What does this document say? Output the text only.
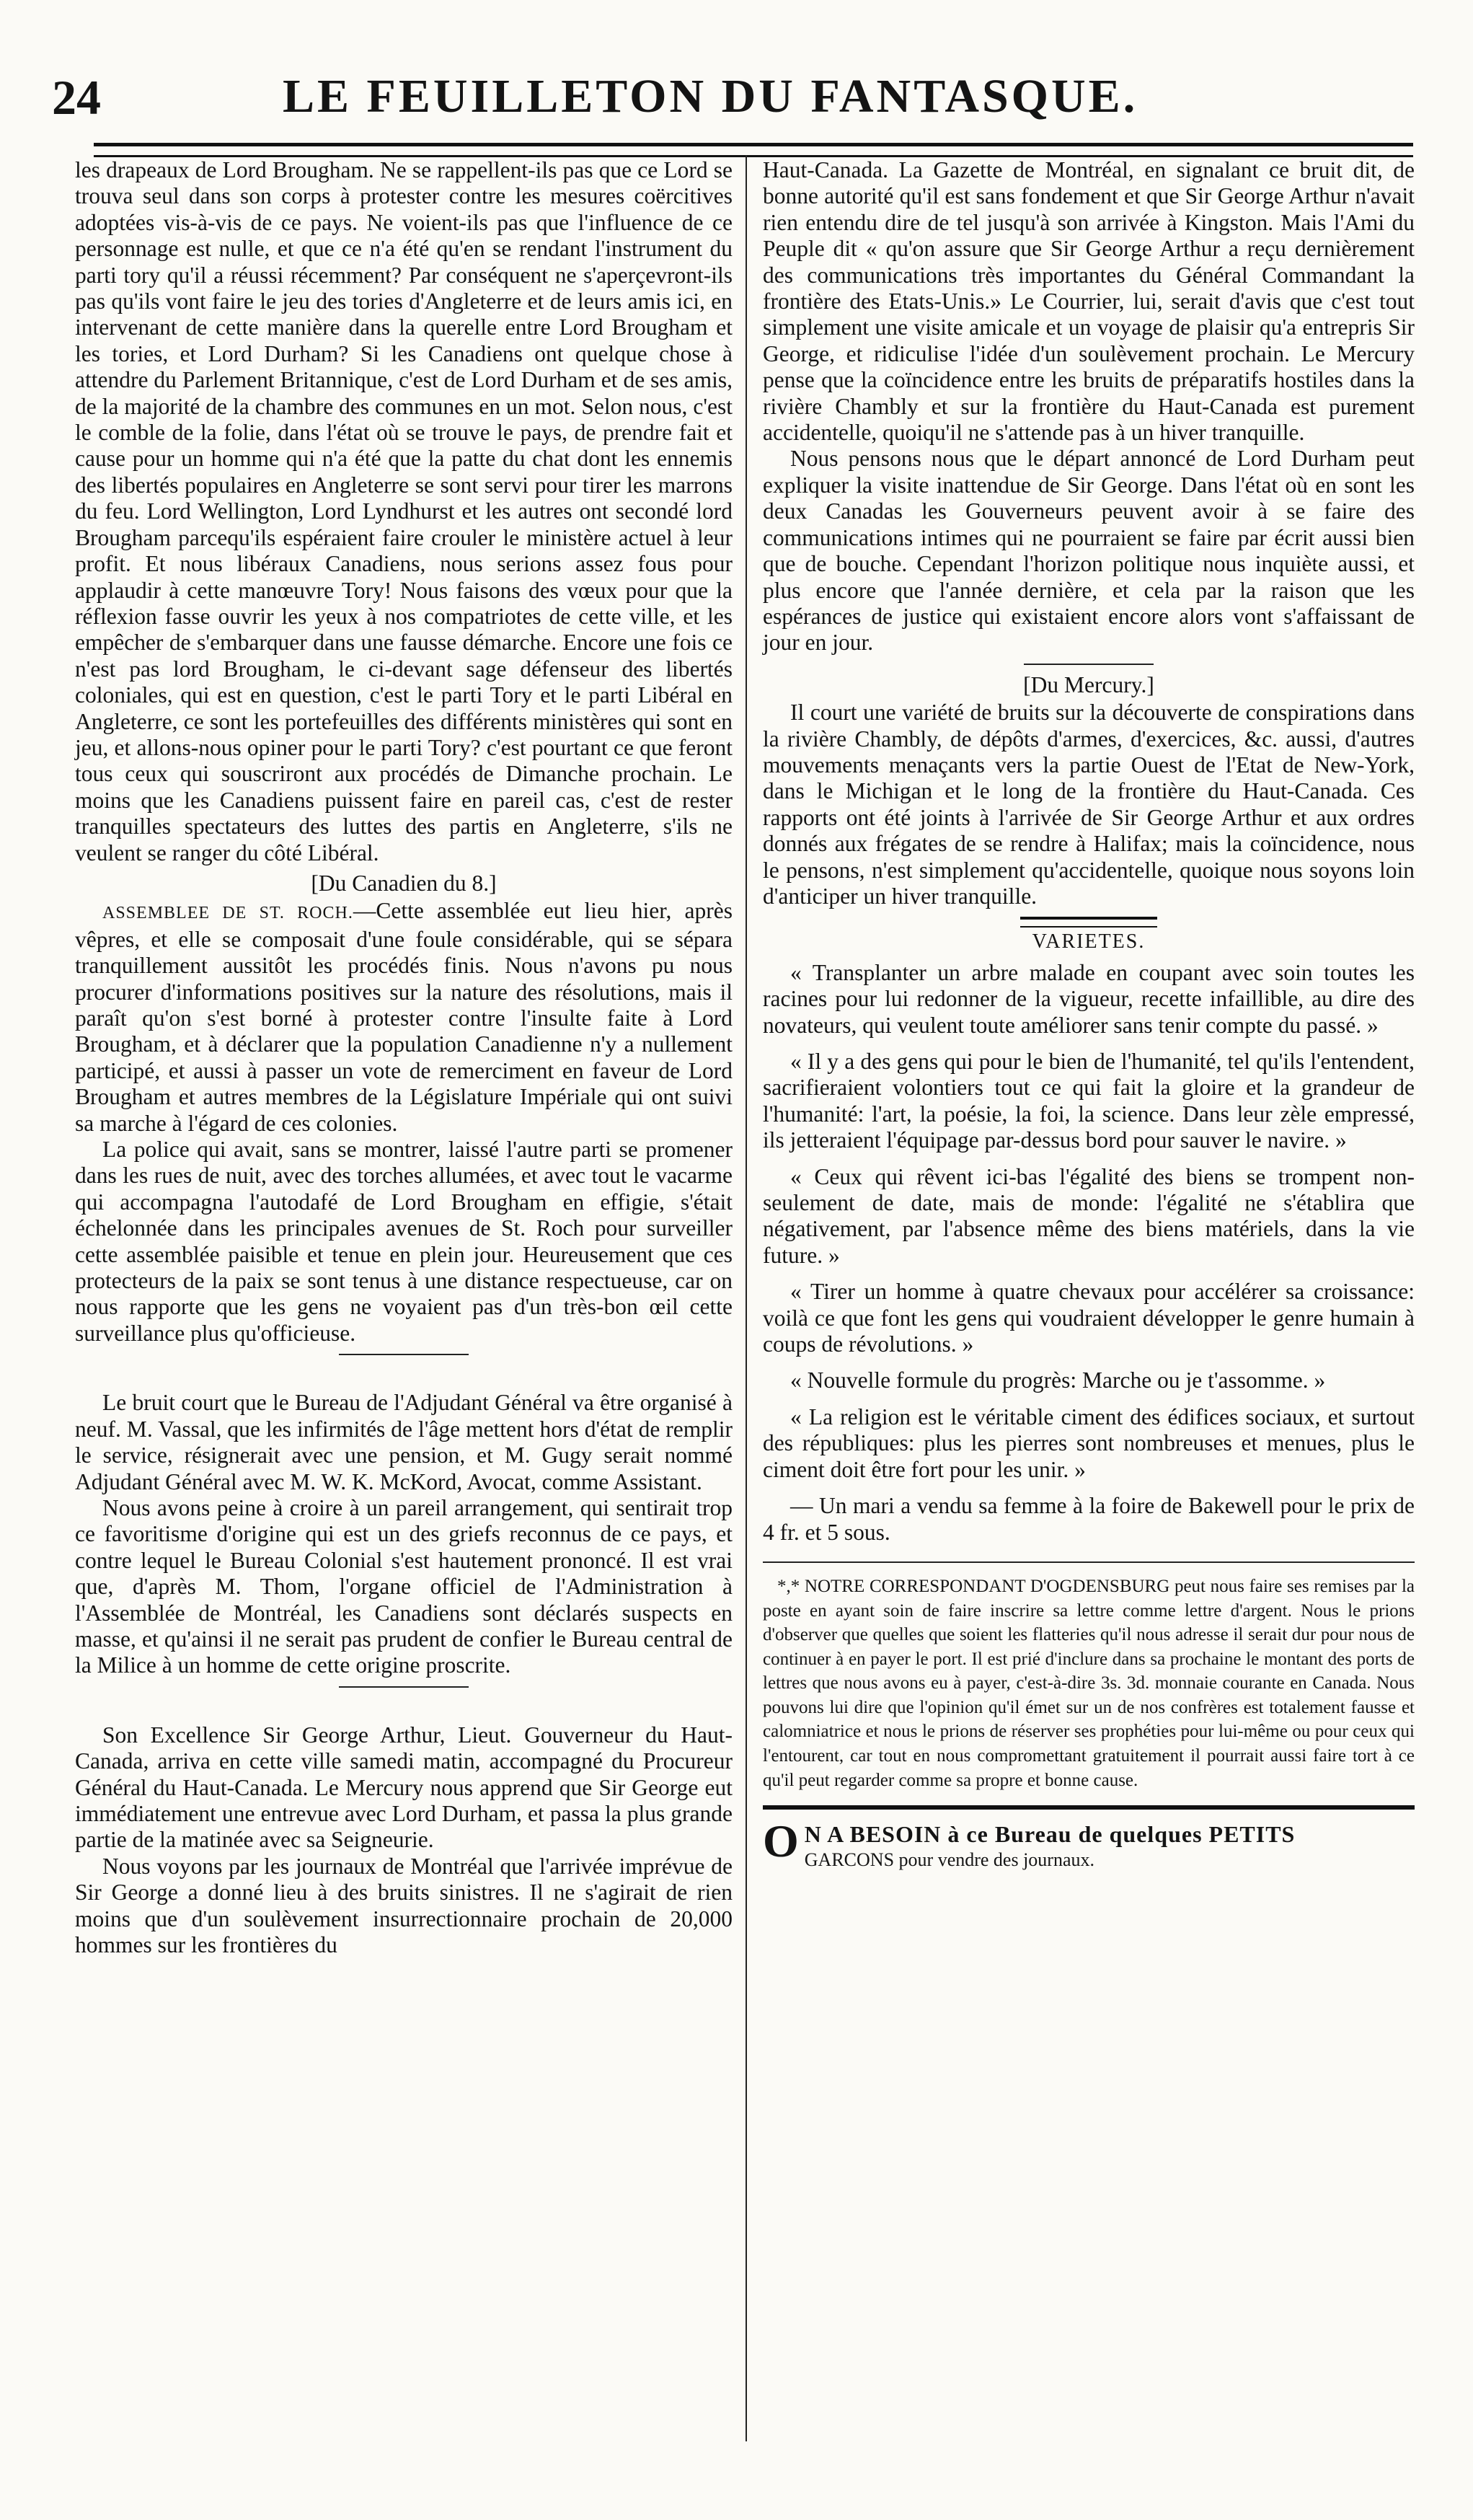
24	LE FEUILLETON DU FANTASQUE.

les drapeaux de Lord Brougham. Ne se rappellent-ils pas que ce Lord se trouva seul dans son corps à protester contre les mesures coërcitives adoptées vis-à-vis de ce pays. Ne voient-ils pas que l'influence de ce personnage est nulle, et que ce n'a été qu'en se rendant l'instrument du parti tory qu'il a réussi récemment? Par conséquent ne s'aperçevront-ils pas qu'ils vont faire le jeu des tories d'Angleterre et de leurs amis ici, en intervenant de cette manière dans la querelle entre Lord Brougham et les tories, et Lord Durham? Si les Canadiens ont quelque chose à attendre du Parlement Britannique, c'est de Lord Durham et de ses amis, de la majorité de la chambre des communes en un mot. Selon nous, c'est le comble de la folie, dans l'état où se trouve le pays, de prendre fait et cause pour un homme qui n'a été que la patte du chat dont les ennemis des libertés populaires en Angleterre se sont servi pour tirer les marrons du feu. Lord Wellington, Lord Lyndhurst et les autres ont secondé lord Brougham parcequ'ils espéraient faire crouler le ministère actuel à leur profit. Et nous libéraux Canadiens, nous serions assez fous pour applaudir à cette manœuvre Tory! Nous faisons des vœux pour que la réflexion fasse ouvrir les yeux à nos compatriotes de cette ville, et les empêcher de s'embarquer dans une fausse démarche. Encore une fois ce n'est pas lord Brougham, le ci-devant sage défenseur des libertés coloniales, qui est en question, c'est le parti Tory et le parti Libéral en Angleterre, ce sont les portefeuilles des différents ministères qui sont en jeu, et allons-nous opiner pour le parti Tory? c'est pourtant ce que feront tous ceux qui souscriront aux procédés de Dimanche prochain. Le moins que les Canadiens puissent faire en pareil cas, c'est de rester tranquilles spectateurs des luttes des partis en Angleterre, s'ils ne veulent se ranger du côté Libéral.

[Du Canadien du 8.]

ASSEMBLEE DE ST. ROCH.—Cette assemblée eut lieu hier, après vêpres, et elle se composait d'une foule considérable, qui se sépara tranquillement aussitôt les procédés finis. Nous n'avons pu nous procurer d'informations positives sur la nature des résolutions, mais il paraît qu'on s'est borné à protester contre l'insulte faite à Lord Brougham, et à déclarer que la population Canadienne n'y a nullement participé, et aussi à passer un vote de remerciment en faveur de Lord Brougham et autres membres de la Législature Impériale qui ont suivi sa marche à l'égard de ces colonies.

La police qui avait, sans se montrer, laissé l'autre parti se promener dans les rues de nuit, avec des torches allumées, et avec tout le vacarme qui accompagna l'autodafé de Lord Brougham en effigie, s'était échelonnée dans les principales avenues de St. Roch pour surveiller cette assemblée paisible et tenue en plein jour. Heureusement que ces protecteurs de la paix se sont tenus à une distance respectueuse, car on nous rapporte que les gens ne voyaient pas d'un très-bon œil cette surveillance plus qu'officieuse.

Le bruit court que le Bureau de l'Adjudant Général va être organisé à neuf. M. Vassal, que les infirmités de l'âge mettent hors d'état de remplir le service, résignerait avec une pension, et M. Gugy serait nommé Adjudant Général avec M. W. K. McKord, Avocat, comme Assistant.

Nous avons peine à croire à un pareil arrangement, qui sentirait trop ce favoritisme d'origine qui est un des griefs reconnus de ce pays, et contre lequel le Bureau Colonial s'est hautement prononcé. Il est vrai que, d'après M. Thom, l'organe officiel de l'Administration à l'Assemblée de Montréal, les Canadiens sont déclarés suspects en masse, et qu'ainsi il ne serait pas prudent de confier le Bureau central de la Milice à un homme de cette origine proscrite.

Son Excellence Sir George Arthur, Lieut. Gouverneur du Haut-Canada, arriva en cette ville samedi matin, accompagné du Procureur Général du Haut-Canada. Le Mercury nous apprend que Sir George eut immédiatement une entrevue avec Lord Durham, et passa la plus grande partie de la matinée avec sa Seigneurie.

Nous voyons par les journaux de Montréal que l'arrivée imprévue de Sir George a donné lieu à des bruits sinistres. Il ne s'agirait de rien moins que d'un soulèvement insurrectionnaire prochain de 20,000 hommes sur les frontières du

Haut-Canada. La Gazette de Montréal, en signalant ce bruit dit, de bonne autorité qu'il est sans fondement et que Sir George Arthur n'avait rien entendu dire de tel jusqu'à son arrivée à Kingston. Mais l'Ami du Peuple dit « qu'on assure que Sir George Arthur a reçu dernièrement des communications très importantes du Général Commandant la frontière des Etats-Unis.» Le Courrier, lui, serait d'avis que c'est tout simplement une visite amicale et un voyage de plaisir qu'a entrepris Sir George, et ridiculise l'idée d'un soulèvement prochain. Le Mercury pense que la coïncidence entre les bruits de préparatifs hostiles dans la rivière Chambly et sur la frontière du Haut-Canada est purement accidentelle, quoiqu'il ne s'attende pas à un hiver tranquille.

Nous pensons nous que le départ annoncé de Lord Durham peut expliquer la visite inattendue de Sir George. Dans l'état où en sont les deux Canadas les Gouverneurs peuvent avoir à se faire des communications intimes qui ne pourraient se faire par écrit aussi bien que de bouche. Cependant l'horizon politique nous inquiète aussi, et plus encore que l'année dernière, et cela par la raison que les espérances de justice qui existaient encore alors vont s'affaissant de jour en jour.

[Du Mercury.]

Il court une variété de bruits sur la découverte de conspirations dans la rivière Chambly, de dépôts d'armes, d'exercices, &c. aussi, d'autres mouvements menaçants vers la partie Ouest de l'Etat de New-York, dans le Michigan et le long de la frontière du Haut-Canada. Ces rapports ont été joints à l'arrivée de Sir George Arthur et aux ordres donnés aux frégates de se rendre à Halifax; mais la coïncidence, nous le pensons, n'est simplement qu'accidentelle, quoique nous soyons loin d'anticiper un hiver tranquille.

VARIETES.

« Transplanter un arbre malade en coupant avec soin toutes les racines pour lui redonner de la vigueur, recette infaillible, au dire des novateurs, qui veulent toute améliorer sans tenir compte du passé. »

« Il y a des gens qui pour le bien de l'humanité, tel qu'ils l'entendent, sacrifieraient volontiers tout ce qui fait la gloire et la grandeur de l'humanité: l'art, la poésie, la foi, la science. Dans leur zèle empressé, ils jetteraient l'équipage par-dessus bord pour sauver le navire. »

« Ceux qui rêvent ici-bas l'égalité des biens se trompent non-seulement de date, mais de monde: l'égalité ne s'établira que négativement, par l'absence même des biens matériels, dans la vie future. »

« Tirer un homme à quatre chevaux pour accélérer sa croissance: voilà ce que font les gens qui voudraient développer le genre humain à coups de révolutions. »

« Nouvelle formule du progrès: Marche ou je t'assomme. »

« La religion est le véritable ciment des édifices sociaux, et surtout des républiques: plus les pierres sont nombreuses et menues, plus le ciment doit être fort pour les unir. »

— Un mari a vendu sa femme à la foire de Bakewell pour le prix de 4 fr. et 5 sous.

*,* NOTRE CORRESPONDANT D'OGDENSBURG peut nous faire ses remises par la poste en ayant soin de faire inscrire sa lettre comme lettre d'argent. Nous le prions d'observer que quelles que soient les flatteries qu'il nous adresse il serait dur pour nous de continuer à en payer le port. Il est prié d'inclure dans sa prochaine le montant des ports de lettres que nous avons eu à payer, c'est-à-dire 3s. 3d. monnaie courante en Canada. Nous pouvons lui dire que l'opinion qu'il émet sur un de nos confrères est totalement fausse et calomniatrice et nous le prions de réserver ses prophéties pour lui-même ou pour ceux qui l'entourent, car tout en nous compromettant gratuitement il pourrait aussi faire tort à ce qu'il peut regarder comme sa propre et bonne cause.

O N A BESOIN à ce Bureau de quelques PETITS
GARCONS pour vendre des journaux.
